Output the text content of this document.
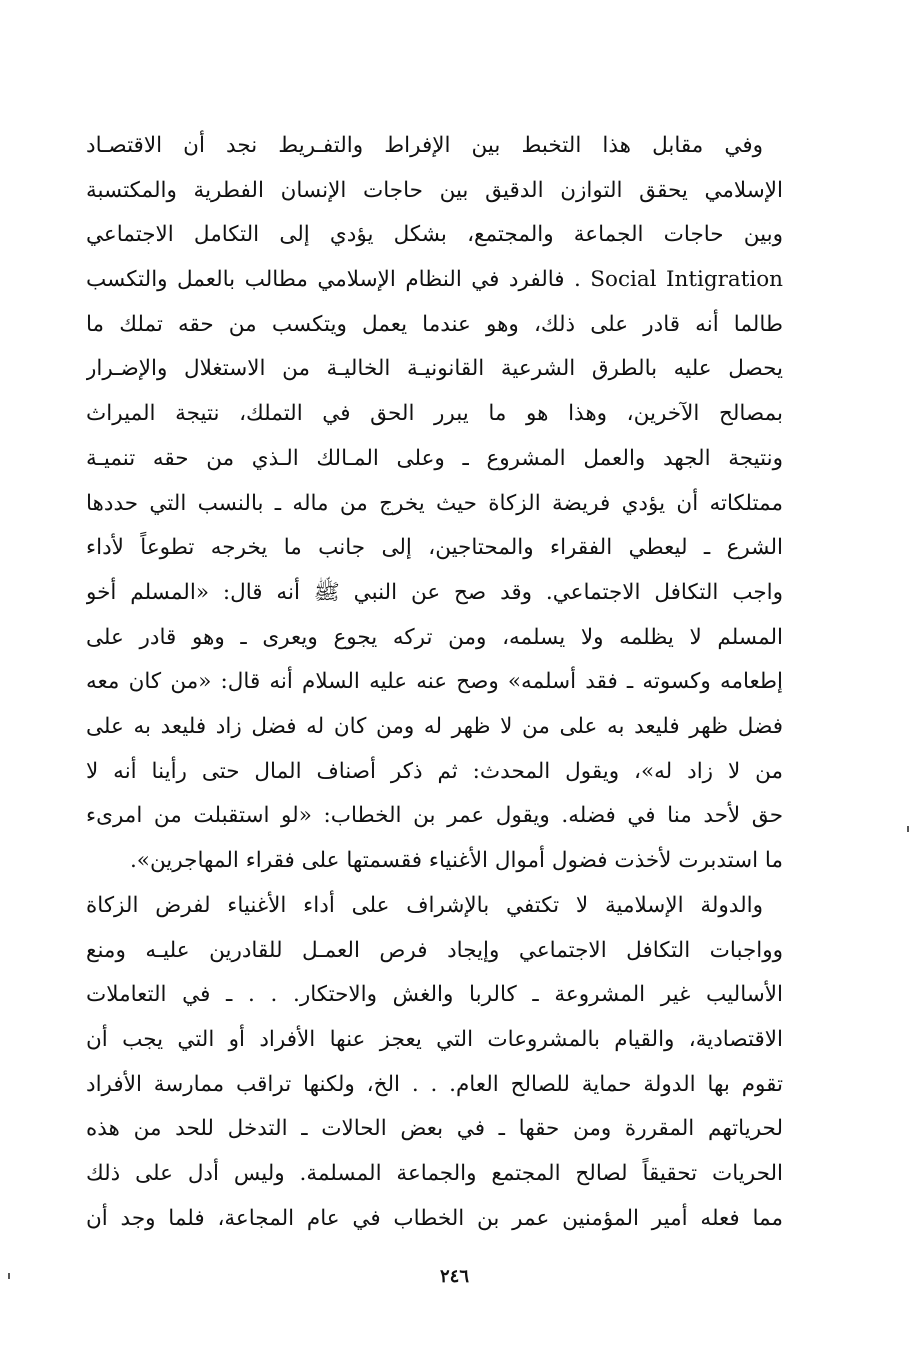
وفي مقابل هذا التخبط بين الإفراط والتفـريط نجد أن الاقتصـاد
الإسلامي يحقق التوازن الدقيق بين حاجات الإنسان الفطرية والمكتسبة
وبين حاجات الجماعة والمجتمع، بشكل يؤدي إلى التكامل الاجتماعي
Social Intigration . فالفرد في النظام الإسلامي مطالب بالعمل والتكسب
طالما أنه قادر على ذلك، وهو عندما يعمل ويتكسب من حقه تملك ما
يحصل عليه بالطرق الشرعية القانونيـة الخاليـة من الاستغلال والإضـرار
بمصالح الآخرين، وهذا هو ما يبرر الحق في التملك، نتيجة الميراث
ونتيجة الجهد والعمل المشروع ـ وعلى المـالك الـذي من حقه تنميـة
ممتلكاته أن يؤدي فريضة الزكاة حيث يخرج من ماله ـ بالنسب التي حددها
الشرع ـ ليعطي الفقراء والمحتاجين، إلى جانب ما يخرجه تطوعاً لأداء
واجب التكافل الاجتماعي. وقد صح عن النبي ﷺ أنه قال: «المسلم أخو
المسلم لا يظلمه ولا يسلمه، ومن تركه يجوع ويعرى ـ وهو قادر على
إطعامه وكسوته ـ فقد أسلمه» وصح عنه عليه السلام أنه قال: «من كان معه
فضل ظهر فليعد به على من لا ظهر له ومن كان له فضل زاد فليعد به على
من لا زاد له»، ويقول المحدث: ثم ذكر أصناف المال حتى رأينا أنه لا
حق لأحد منا في فضله. ويقول عمر بن الخطاب: «لو استقبلت من امرىء
ما استدبرت لأخذت فضول أموال الأغنياء فقسمتها على فقراء المهاجرين».
والدولة الإسلامية لا تكتفي بالإشراف على أداء الأغنياء لفرض الزكاة
وواجبات التكافل الاجتماعي وإيجاد فرص العمـل للقادرين عليـه ومنع
الأساليب غير المشروعة ـ كالربا والغش والاحتكار. . . ـ في التعاملات
الاقتصادية، والقيام بالمشروعات التي يعجز عنها الأفراد أو التي يجب أن
تقوم بها الدولة حماية للصالح العام. . . الخ، ولكنها تراقب ممارسة الأفراد
لحرياتهم المقررة ومن حقها ـ في بعض الحالات ـ التدخل للحد من هذه
الحريات تحقيقاً لصالح المجتمع والجماعة المسلمة. وليس أدل على ذلك
مما فعله أمير المؤمنين عمر بن الخطاب في عام المجاعة، فلما وجد أن
٢٤٦
